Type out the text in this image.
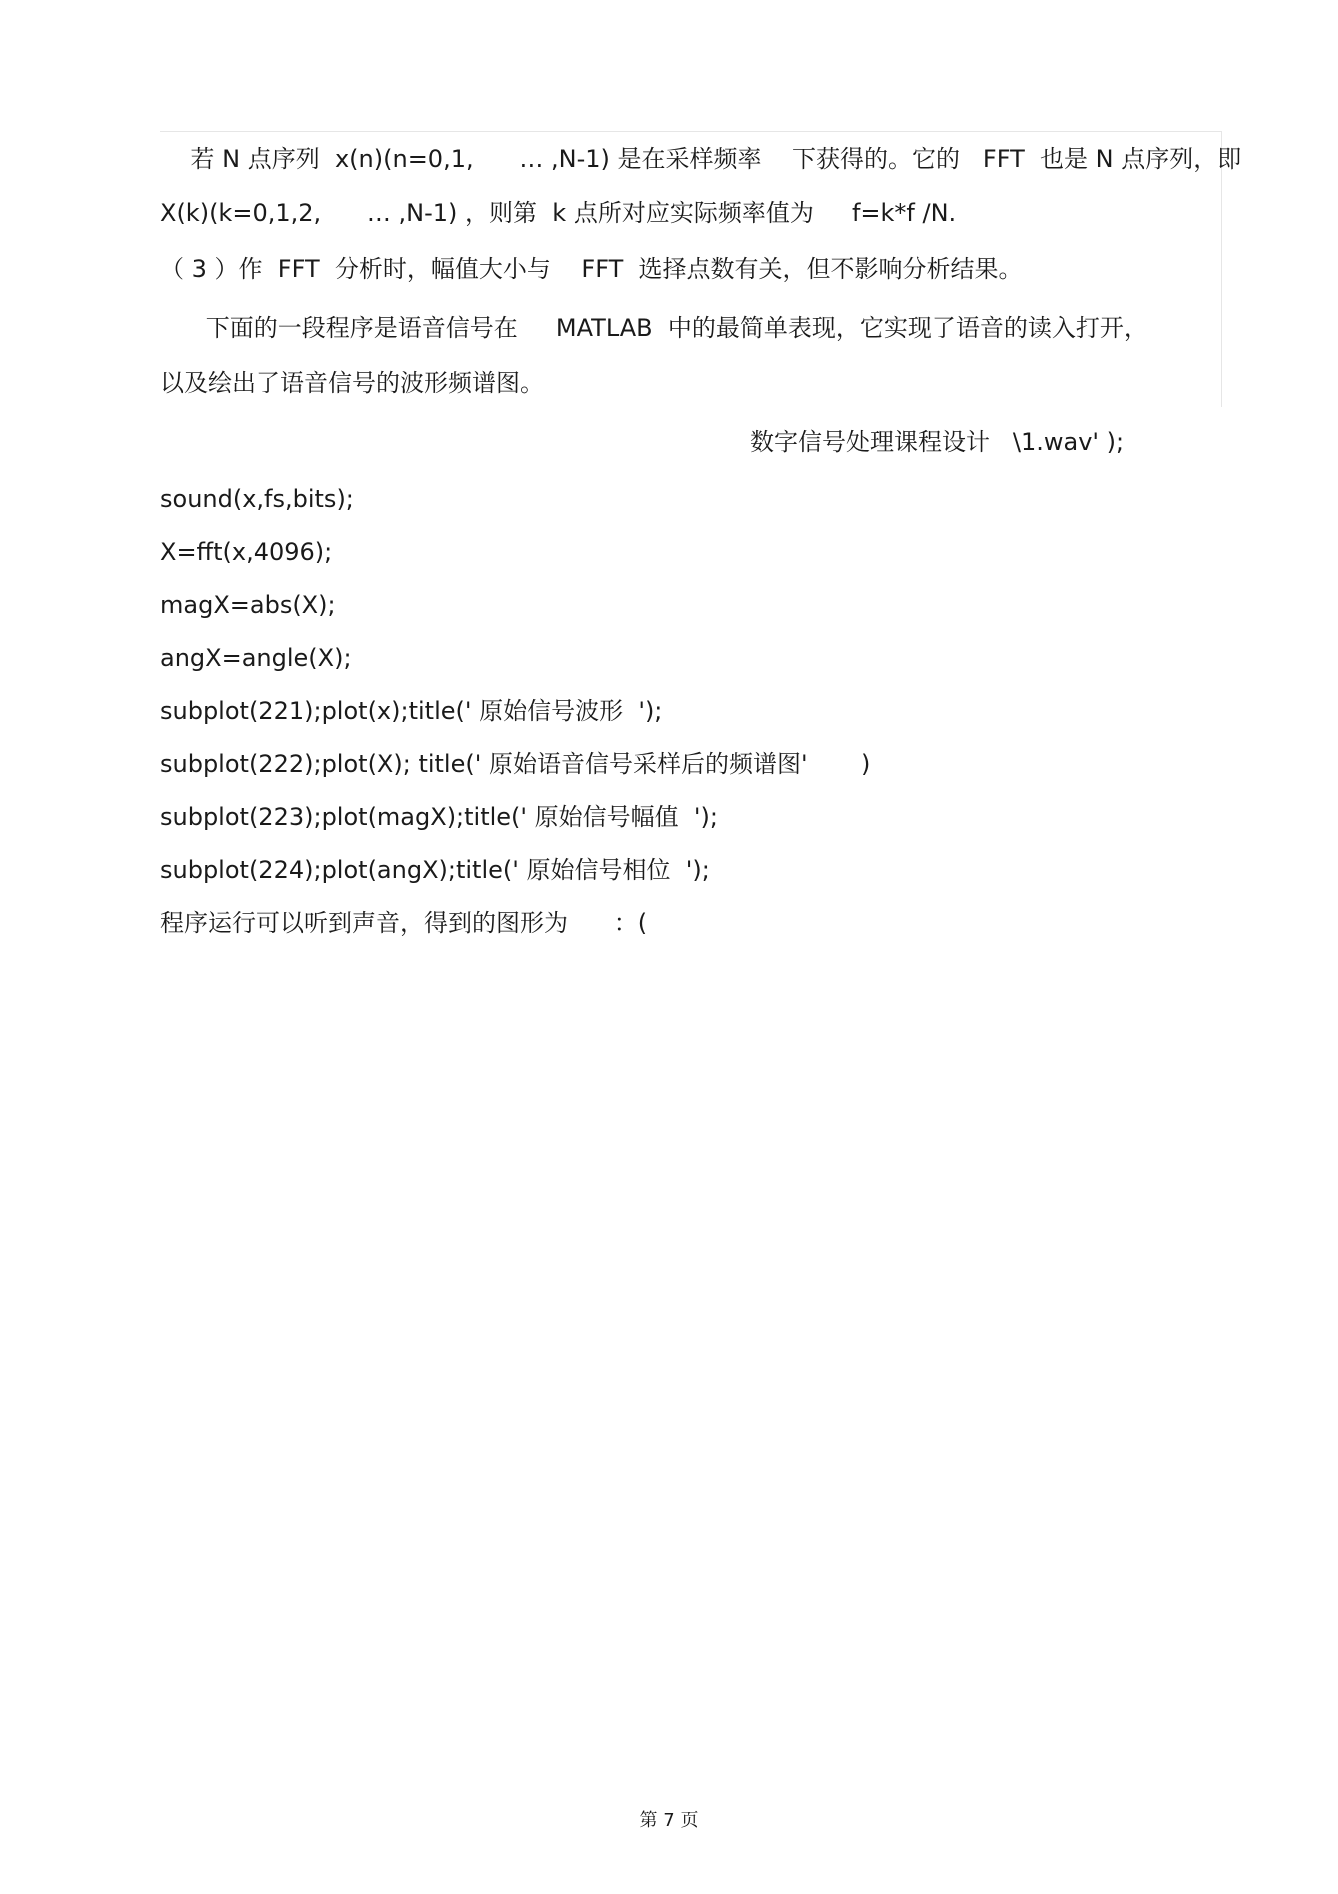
若 N 点序列  x(n)(n=0,1,      … ,N-1) 是在采样频率    下获得的。它的   FFT  也是 N 点序列，即
X(k)(k=0,1,2,      … ,N-1) ，则第  k 点所对应实际频率值为     f=k*f /N.
（ 3 ）作  FFT  分析时，幅值大小与    FFT  选择点数有关，但不影响分析结果。
下面的一段程序是语音信号在     MATLAB  中的最简单表现，它实现了语音的读入打开，
以及绘出了语音信号的波形频谱图。
数字信号处理课程设计   \1.wav' );
sound(x,fs,bits);
X=fft(x,4096);
magX=abs(X);
angX=angle(X);
subplot(221);plot(x);title(' 原始信号波形  ');
subplot(222);plot(X); title(' 原始语音信号采样后的频谱图'       )
subplot(223);plot(magX);title(' 原始信号幅值  ');
subplot(224);plot(angX);title(' 原始信号相位  ');
程序运行可以听到声音，得到的图形为      ：(
第 7 页
